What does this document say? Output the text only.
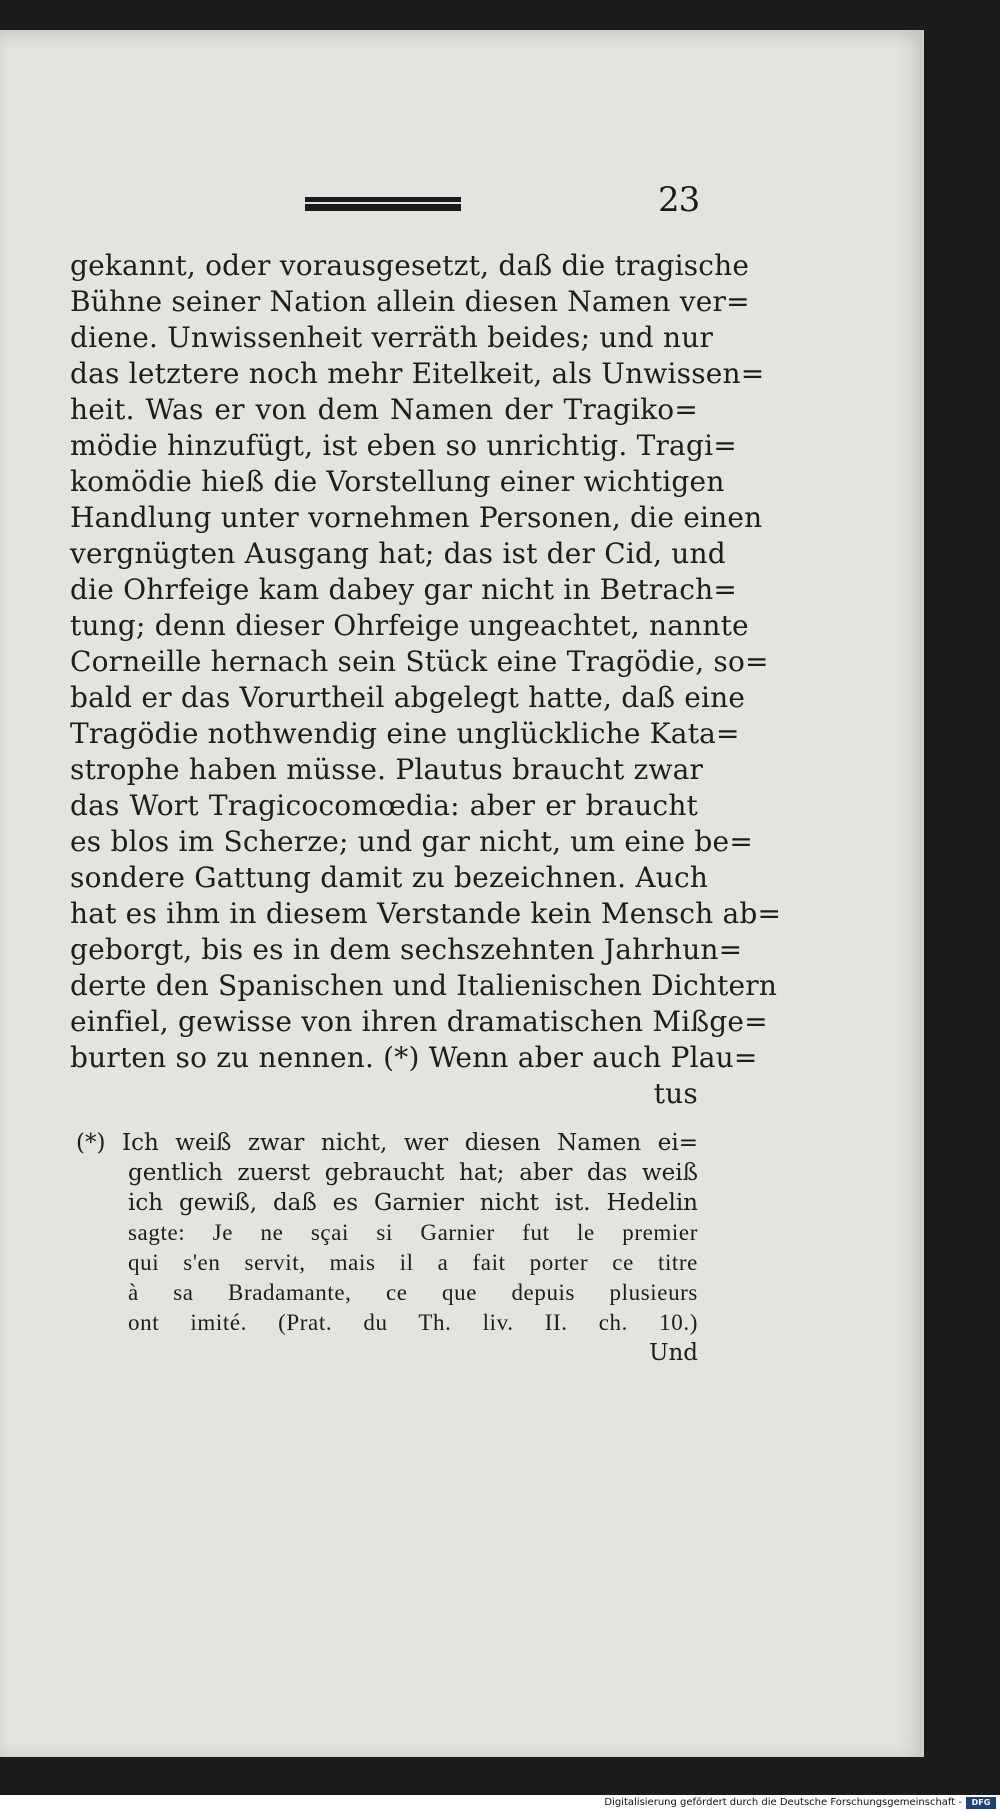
23
gekannt, oder vorausgesetzt, daß die tragische
Bühne seiner Nation allein diesen Namen ver=
diene. Unwissenheit verräth beides; und nur
das letztere noch mehr Eitelkeit, als Unwissen=
heit. Was er von dem Namen der Tragiko=
mödie hinzufügt, ist eben so unrichtig. Tragi=
komödie hieß die Vorstellung einer wichtigen
Handlung unter vornehmen Personen, die einen
vergnügten Ausgang hat; das ist der Cid, und
die Ohrfeige kam dabey gar nicht in Betrach=
tung; denn dieser Ohrfeige ungeachtet, nannte
Corneille hernach sein Stück eine Tragödie, so=
bald er das Vorurtheil abgelegt hatte, daß eine
Tragödie nothwendig eine unglückliche Kata=
strophe haben müsse. Plautus braucht zwar
das Wort Tragicocomœdia: aber er braucht
es blos im Scherze; und gar nicht, um eine be=
sondere Gattung damit zu bezeichnen. Auch
hat es ihm in diesem Verstande kein Mensch ab=
geborgt, bis es in dem sechszehnten Jahrhun=
derte den Spanischen und Italienischen Dichtern
einfiel, gewisse von ihren dramatischen Mißge=
burten so zu nennen. (*) Wenn aber auch Plau=
tus
(*) Ich weiß zwar nicht, wer diesen Namen ei=
gentlich zuerst gebraucht hat; aber das weiß
ich gewiß, daß es Garnier nicht ist. Hedelin
sagte: Je ne sçai si Garnier fut le premier
qui s'en servit, mais il a fait porter ce titre
à sa Bradamante, ce que depuis plusieurs
ont imité. (Prat. du Th. liv. II. ch. 10.)
Und
Digitalisierung gefördert durch die Deutsche Forschungsgemeinschaft -	DFG
